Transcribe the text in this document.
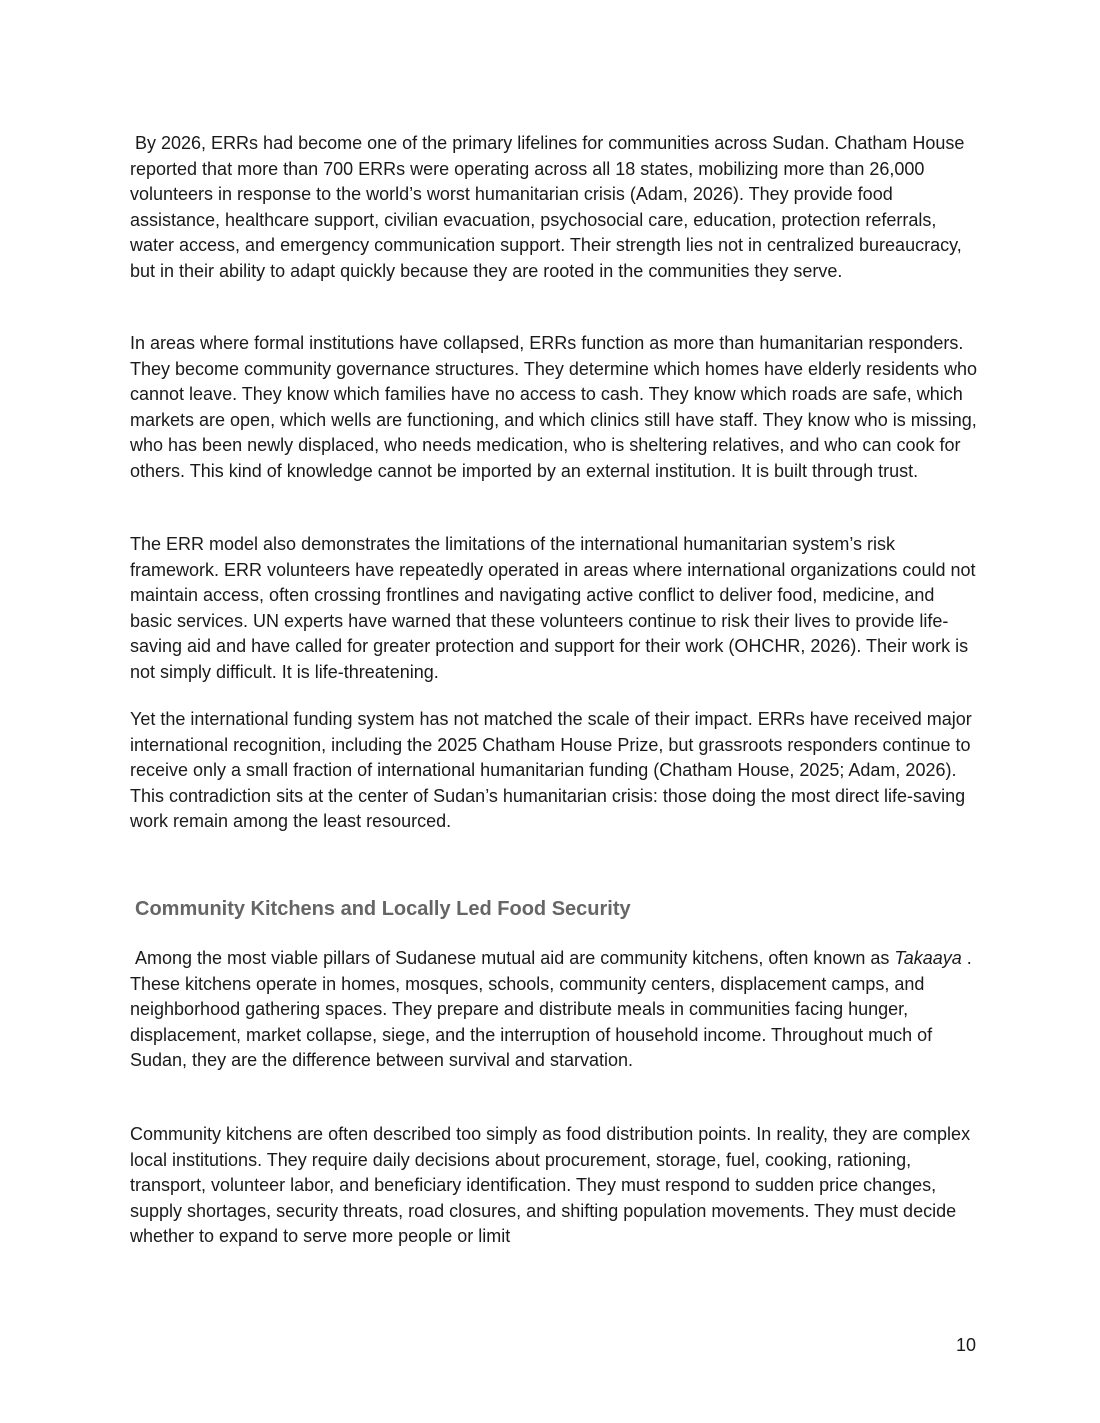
By 2026, ERRs had become one of the primary lifelines for communities across Sudan. Chatham House reported that more than 700 ERRs were operating across all 18 states, mobilizing more than 26,000 volunteers in response to the world’s worst humanitarian crisis (Adam, 2026). They provide food assistance, healthcare support, civilian evacuation, psychosocial care, education, protection referrals, water access, and emergency communication support. Their strength lies not in centralized bureaucracy, but in their ability to adapt quickly because they are rooted in the communities they serve.

In areas where formal institutions have collapsed, ERRs function as more than humanitarian responders. They become community governance structures. They determine which homes have elderly residents who cannot leave. They know which families have no access to cash. They know which roads are safe, which markets are open, which wells are functioning, and which clinics still have staff. They know who is missing, who has been newly displaced, who needs medication, who is sheltering relatives, and who can cook for others. This kind of knowledge cannot be imported by an external institution. It is built through trust.

The ERR model also demonstrates the limitations of the international humanitarian system’s risk framework. ERR volunteers have repeatedly operated in areas where international organizations could not maintain access, often crossing frontlines and navigating active conflict to deliver food, medicine, and basic services. UN experts have warned that these volunteers continue to risk their lives to provide life-saving aid and have called for greater protection and support for their work (OHCHR, 2026). Their work is not simply difficult. It is life-threatening.

Yet the international funding system has not matched the scale of their impact. ERRs have received major international recognition, including the 2025 Chatham House Prize, but grassroots responders continue to receive only a small fraction of international humanitarian funding (Chatham House, 2025; Adam, 2026). This contradiction sits at the center of Sudan’s humanitarian crisis: those doing the most direct life-saving work remain among the least resourced.

Community Kitchens and Locally Led Food Security

Among the most viable pillars of Sudanese mutual aid are community kitchens, often known as Takaaya . These kitchens operate in homes, mosques, schools, community centers, displacement camps, and neighborhood gathering spaces. They prepare and distribute meals in communities facing hunger, displacement, market collapse, siege, and the interruption of household income. Throughout much of Sudan, they are the difference between survival and starvation.

Community kitchens are often described too simply as food distribution points. In reality, they are complex local institutions. They require daily decisions about procurement, storage, fuel, cooking, rationing, transport, volunteer labor, and beneficiary identification. They must respond to sudden price changes, supply shortages, security threats, road closures, and shifting population movements. They must decide whether to expand to serve more people or limit

10
